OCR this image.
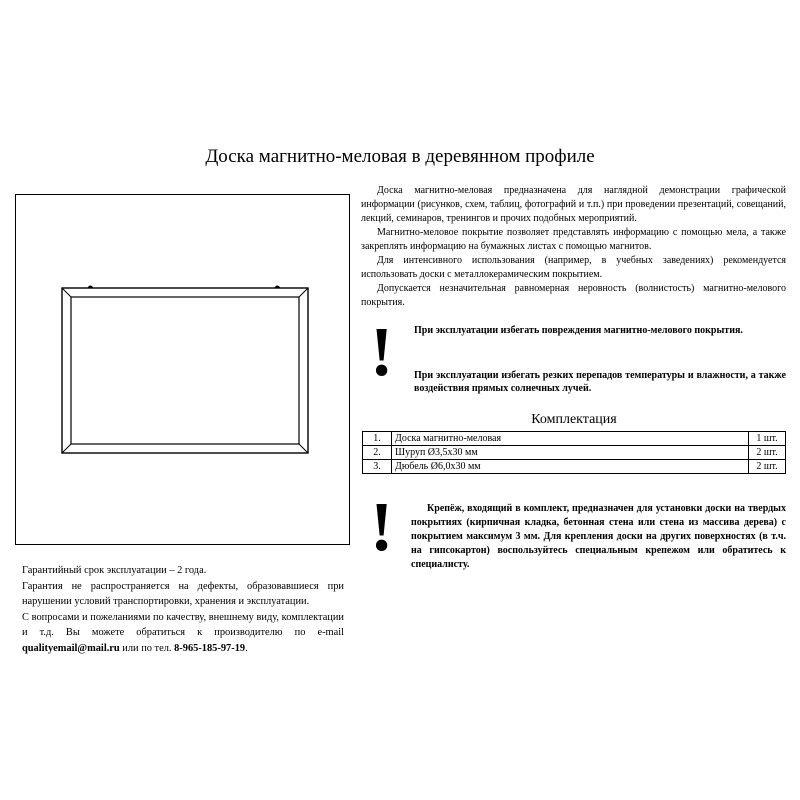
Доска магнитно-меловая в деревянном профиле

Доска магнитно-меловая предназначена для наглядной демонстрации графической информации (рисунков, схем, таблиц, фотографий и т.п.) при проведении презентаций, совещаний, лекций, семинаров, тренингов и прочих подобных мероприятий.

Магнитно-меловое покрытие позволяет представлять информацию с помощью мела, а также закреплять информацию на бумажных листах с помощью магнитов.

Для интенсивного использования (например, в учебных заведениях) рекомендуется использовать доски с металлокерамическим покрытием.

Допускается незначительная равномерная неровность (волнистость) магнитно-мелового покрытия.

! При эксплуатации избегать повреждения магнитно-мелового покрытия.
При эксплуатации избегать резких перепадов температуры и влажности, а также воздействия прямых солнечных лучей.
Комплектация
1.	Доска магнитно-меловая	1 шт.
2.	Шуруп Ø3,5х30 мм	2 шт.
3.	Дюбель Ø6,0х30 мм	2 шт.
!	Крепёж, входящий в комплект, предназначен для установки доски на твердых покрытиях (кирпичная кладка, бетонная стена или стена из массива дерева) с покрытием максимум 3 мм. Для крепления доски на других поверхностях (в т.ч. на гипсокартон) воспользуйтесь специальным крепежом или обратитесь к специалисту.

Гарантийный срок эксплуатации – 2 года.

Гарантия не распространяется на дефекты, образовавшиеся при нарушении условий транспортировки, хранения и эксплуатации.

С вопросами и пожеланиями по качеству, внешнему виду, комплектации и т.д. Вы можете обратиться к производителю по e-mail qualityemail@mail.ru или по тел. 8-965-185-97-19.
